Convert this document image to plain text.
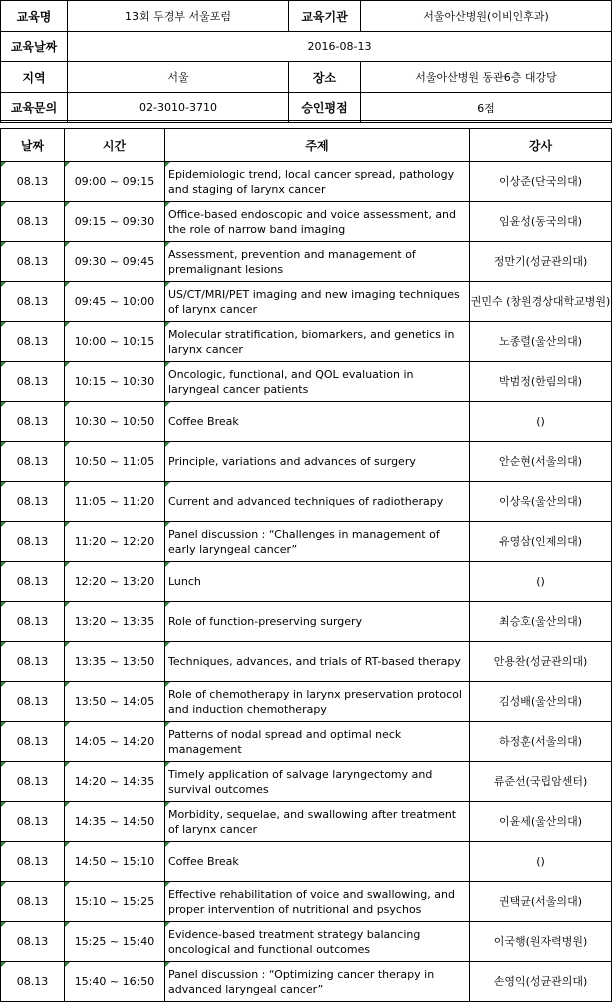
교육명	13회 두경부 서울포럼	교육기관	서울아산병원(이비인후과)
교육날짜	2016-08-13		
지역	서울	장소	서울아산병원 동관6층 대강당
교육문의	02-3010-3710	승인평점	6점
날짜	시간	주제	강사
08.13	09:00 ~ 09:15	Epidemiologic trend, local cancer spread, pathology and staging of larynx cancer	이상준(단국의대)
08.13	09:15 ~ 09:30	Office-based endoscopic and voice assessment, and the role of narrow band imaging	임윤성(동국의대)
08.13	09:30 ~ 09:45	Assessment, prevention and management of premalignant lesions	정만기(성균관의대)
08.13	09:45 ~ 10:00	US/CT/MRI/PET imaging and new imaging techniques of larynx cancer	권민수 (창원경상대학교병원)
08.13	10:00 ~ 10:15	Molecular stratification, biomarkers, and genetics in larynx cancer	노종렬(울산의대)
08.13	10:15 ~ 10:30	Oncologic, functional, and QOL evaluation in laryngeal cancer patients	박범정(한림의대)
08.13	10:30 ~ 10:50	Coffee Break	()
08.13	10:50 ~ 11:05	Principle, variations and advances of surgery	안순현(서울의대)
08.13	11:05 ~ 11:20	Current and advanced techniques of radiotherapy	이상욱(울산의대)
08.13	11:20 ~ 12:20	Panel discussion : “Challenges in management of early laryngeal cancer”	유영삼(인제의대)
08.13	12:20 ~ 13:20	Lunch	()
08.13	13:20 ~ 13:35	Role of function-preserving surgery	최승호(울산의대)
08.13	13:35 ~ 13:50	Techniques, advances, and trials of RT-based therapy	안용찬(성균관의대)
08.13	13:50 ~ 14:05	Role of chemotherapy in larynx preservation protocol and induction chemotherapy	김성배(울산의대)
08.13	14:05 ~ 14:20	Patterns of nodal spread and optimal neck management	하정훈(서울의대)
08.13	14:20 ~ 14:35	Timely application of salvage laryngectomy and survival outcomes	류준선(국립암센터)
08.13	14:35 ~ 14:50	Morbidity, sequelae, and swallowing after treatment of larynx cancer	이윤세(울산의대)
08.13	14:50 ~ 15:10	Coffee Break	()
08.13	15:10 ~ 15:25	Effective rehabilitation of voice and swallowing, and proper intervention of nutritional and psychos	권택균(서울의대)
08.13	15:25 ~ 15:40	Evidence-based treatment strategy balancing oncological and functional outcomes	이국행(원자력병원)
08.13	15:40 ~ 16:50	Panel discussion : “Optimizing cancer therapy in advanced laryngeal cancer”	손영익(성균관의대)
